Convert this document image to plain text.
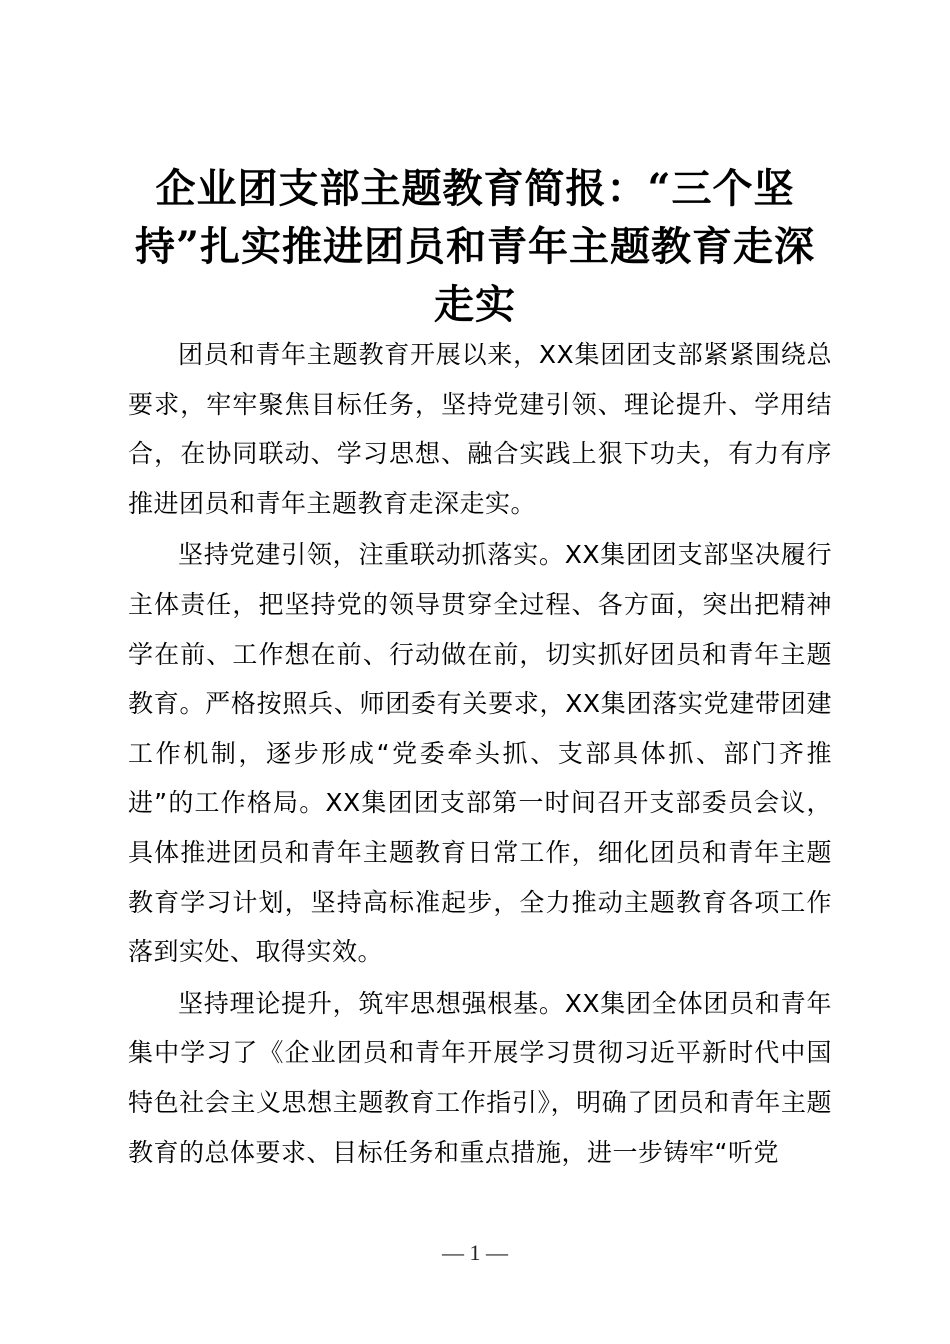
企业团支部主题教育简报：“三个坚持”扎实推进团员和青年主题教育走深走实

团员和青年主题教育开展以来，XX集团团支部紧紧围绕总要求，牢牢聚焦目标任务，坚持党建引领、理论提升、学用结合，在协同联动、学习思想、融合实践上狠下功夫，有力有序推进团员和青年主题教育走深走实。

坚持党建引领，注重联动抓落实。XX集团团支部坚决履行主体责任，把坚持党的领导贯穿全过程、各方面，突出把精神学在前、工作想在前、行动做在前，切实抓好团员和青年主题教育。严格按照兵、师团委有关要求，XX集团落实党建带团建工作机制，逐步形成“党委牵头抓、支部具体抓、部门齐推进”的工作格局。XX集团团支部第一时间召开支部委员会议，具体推进团员和青年主题教育日常工作，细化团员和青年主题教育学习计划，坚持高标准起步，全力推动主题教育各项工作落到实处、取得实效。

坚持理论提升，筑牢思想强根基。XX集团全体团员和青年集中学习了《企业团员和青年开展学习贯彻习近平新时代中国特色社会主义思想主题教育工作指引》，明确了团员和青年主题教育的总体要求、目标任务和重点措施，进一步铸牢“听党

— 1 —
